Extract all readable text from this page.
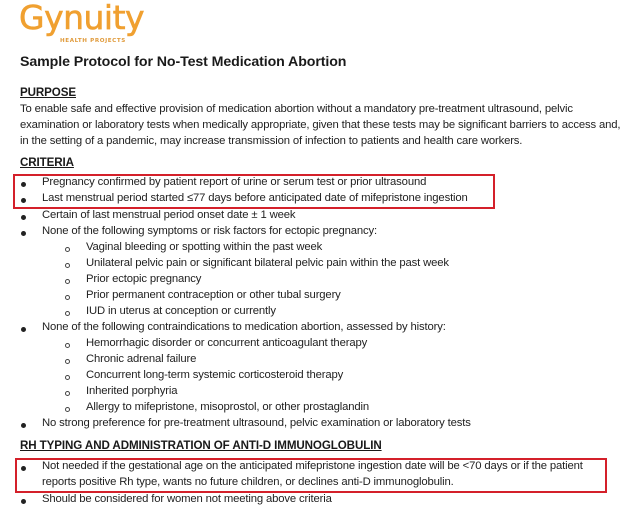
Gynuity
HEALTH PROJECTS
Sample Protocol for No-Test Medication Abortion
PURPOSE
To enable safe and effective provision of medication abortion without a mandatory pre-treatment ultrasound, pelvic
examination or laboratory tests when medically appropriate, given that these tests may be significant barriers to access and,
in the setting of a pandemic, may increase transmission of infection to patients and health care workers.
CRITERIA
Pregnancy confirmed by patient report of urine or serum test or prior ultrasound
Last menstrual period started ≤77 days before anticipated date of mifepristone ingestion
Certain of last menstrual period onset date ± 1 week
None of the following symptoms or risk factors for ectopic pregnancy:
Vaginal bleeding or spotting within the past week
Unilateral pelvic pain or significant bilateral pelvic pain within the past week
Prior ectopic pregnancy
Prior permanent contraception or other tubal surgery
IUD in uterus at conception or currently
None of the following contraindications to medication abortion, assessed by history:
Hemorrhagic disorder or concurrent anticoagulant therapy
Chronic adrenal failure
Concurrent long-term systemic corticosteroid therapy
Inherited porphyria
Allergy to mifepristone, misoprostol, or other prostaglandin
No strong preference for pre-treatment ultrasound, pelvic examination or laboratory tests
RH TYPING AND ADMINISTRATION OF ANTI-D IMMUNOGLOBULIN
Not needed if the gestational age on the anticipated mifepristone ingestion date will be <70 days or if the patient
reports positive Rh type, wants no future children, or declines anti-D immunoglobulin.
Should be considered for women not meeting above criteria
